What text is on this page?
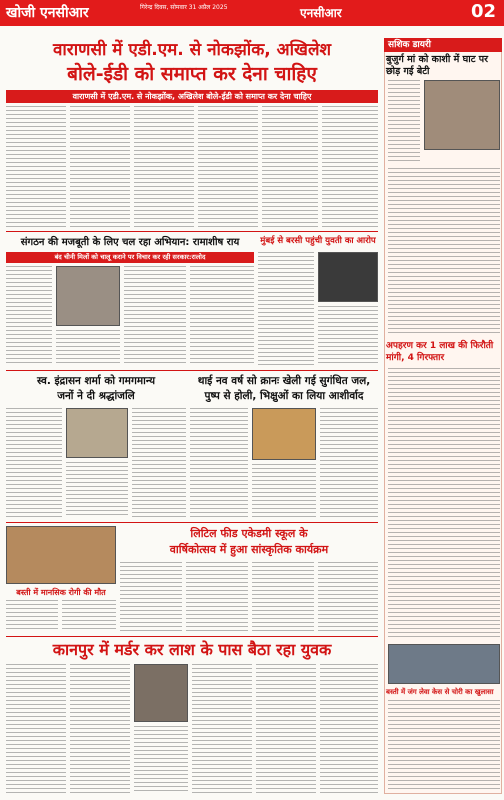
खोजी एनसीआर	गिरेन्द्र दिवस, सोमवार 31 अप्रैल 2025	एनसीआर	02
वाराणसी में एडी.एम. से नोकझोंक, अखिलेश
बोले-ईडी को समाप्त कर देना चाहिए
वाराणसी में एडी.एम. से नोकझोंक, अखिलेश बोले-ईडी को समाप्त कर देना चाहिए
संगठन की मजबूती के लिए चल रहा अभियान: रामाशीष राय
बंद चीनी मिलों को चालू कराने पर विचार कर रही सरकार:रालोद
मुंबई से बरसी पहुंची युवती का आरोप
स्व. इंद्रासन शर्मा को गमगमान्य
जनों ने दी श्रद्धांजलि
थाई नव वर्ष सो क्रानः खेली गई सुगंधित जल,
पुष्प से होली, भिक्षुओं का लिया आशीर्वाद
लिटिल फीड एकेडमी स्कूल के
वार्षिकोत्सव में हुआ सांस्कृतिक कार्यक्रम
बस्ती में मानसिक रोगी की मौत
कानपुर में मर्डर कर लाश के पास बैठा रहा युवक
सशिक डायरी
बुजुर्ग मां को काशी में घाट पर छोड़ गई बेटी
अपहरण कर 1 लाख की फिरौती मांगी, 4 गिरफ्तार
बस्ती में जंग लेवा केस से चोरी का खुलासा
